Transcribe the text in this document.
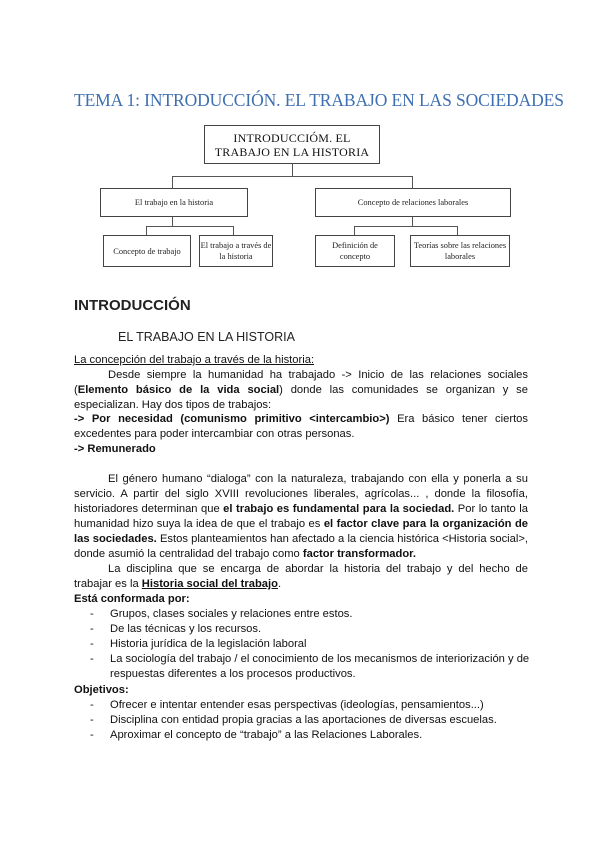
TEMA 1: INTRODUCCIÓN. EL TRABAJO EN LAS SOCIEDADES
INTRODUCCIÓM. EL TRABAJO EN LA HISTORIA
El trabajo en la historia	Concepto de relaciones laborales
Concepto de trabajo
El trabajo a través de la historia
Definición de concepto
Teorías sobre las relaciones laborales
INTRODUCCIÓN
EL TRABAJO EN LA HISTORIA
La concepción del trabajo a través de la historia:
Desde siempre la humanidad ha trabajado -> Inicio de las relaciones sociales (Elemento básico de la vida social) donde las comunidades se organizan y se especializan. Hay dos tipos de trabajos:
-> Por necesidad (comunismo primitivo <intercambio>) Era básico tener ciertos excedentes para poder intercambiar con otras personas.
-> Remunerado
El género humano “dialoga” con la naturaleza, trabajando con ella y ponerla a su servicio. A partir del siglo XVIII revoluciones liberales, agrícolas... , donde la filosofía, historiadores determinan que el trabajo es fundamental para la sociedad. Por lo tanto la humanidad hizo suya la idea de que el trabajo es el factor clave para la organización de las sociedades. Estos planteamientos han afectado a la ciencia histórica <Historia social>, donde asumió la centralidad del trabajo como factor transformador.
La disciplina que se encarga de abordar la historia del trabajo y del hecho de trabajar es la Historia social del trabajo.
Está conformada por:
-	Grupos, clases sociales y relaciones entre estos.
-	De las técnicas y los recursos.
-	Historia jurídica de la legislación laboral
-	La sociología del trabajo / el conocimiento de los mecanismos de interiorización y de respuestas diferentes a los procesos productivos.
Objetivos:
-	Ofrecer e intentar entender esas perspectivas (ideologías, pensamientos...)
-	Disciplina con entidad propia gracias a las aportaciones de diversas escuelas.
-	Aproximar el concepto de “trabajo” a las Relaciones Laborales.
